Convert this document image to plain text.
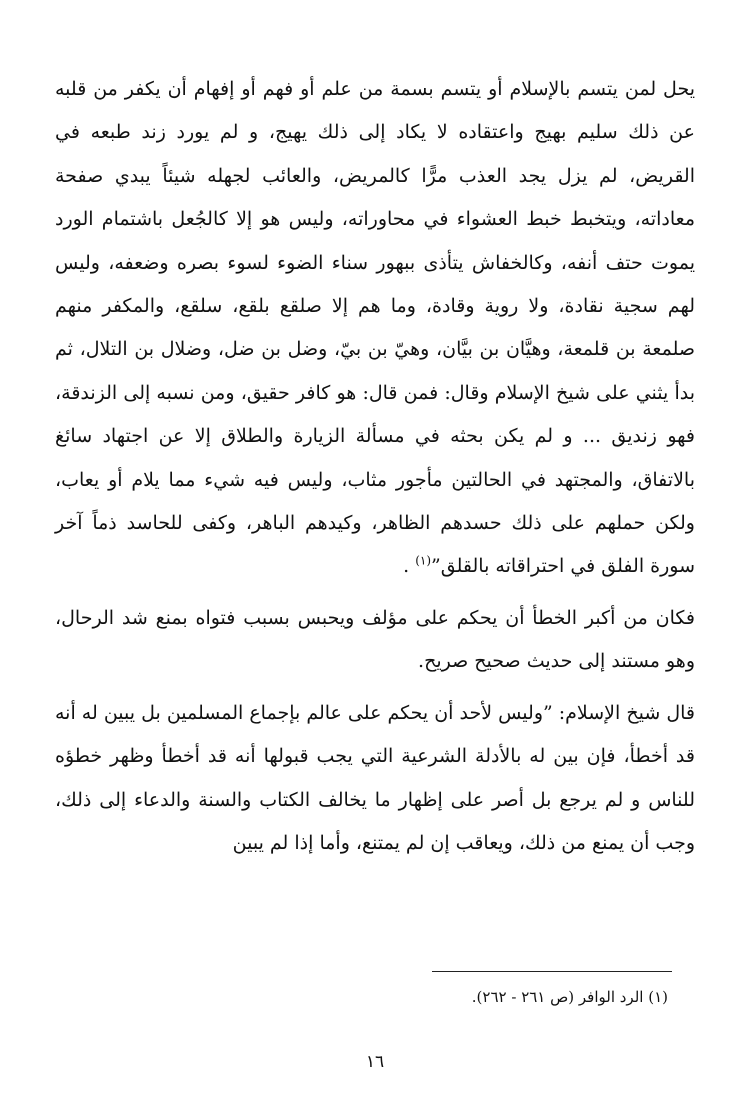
يحل لمن يتسم بالإسلام أو يتسم بسمة من علم أو فهم أو إفهام أن يكفر من قلبه عن ذلك سليم بهيج واعتقاده لا يكاد إلى ذلك يهيج، و لم يورد زند طبعه في القريض، لم يزل يجد العذب مرًّا كالمريض، والعائب لجهله شيئاً يبدي صفحة معاداته، ويتخبط خبط العشواء في محاوراته، وليس هو إلا كالجُعل باشتمام الورد يموت حتف أنفه، وكالخفاش يتأذى ببهور سناء الضوء لسوء بصره وضعفه، وليس لهم سجية نقادة، ولا روية وقادة، وما هم إلا صلقع بلقع، سلقع، والمكفر منهم صلمعة بن قلمعة، وهيَّان بن بيَّان، وهيّ بن بيّ، وضل بن ضل، وضلال بن التلال، ثم بدأ يثني على شيخ الإسلام وقال: فمن قال: هو كافر حقيق، ومن نسبه إلى الزندقة، فهو زنديق ... و لم يكن بحثه في مسألة الزيارة والطلاق إلا عن اجتهاد سائغ بالاتفاق، والمجتهد في الحالتين مأجور مثاب، وليس فيه شيء مما يلام أو يعاب، ولكن حملهم على ذلك حسدهم الظاهر، وكيدهم الباهر، وكفى للحاسد ذماً آخر سورة الفلق في احتراقاته بالقلق”$^{(١)}$ .

فكان من أكبر الخطأ أن يحكم على مؤلف ويحبس بسبب فتواه بمنع شد الرحال، وهو مستند إلى حديث صحيح صريح.

قال شيخ الإسلام: ”وليس لأحد أن يحكم على عالم بإجماع المسلمين بل يبين له أنه قد أخطأ، فإن بين له بالأدلة الشرعية التي يجب قبولها أنه قد أخطأ وظهر خطؤه للناس و لم يرجع بل أصر على إظهار ما يخالف الكتاب والسنة والدعاء إلى ذلك، وجب أن يمنع من ذلك، ويعاقب إن لم يمتنع، وأما إذا لم يبين

(١) الرد الوافر (ص ٢٦١ - ٢٦٢).

١٦
